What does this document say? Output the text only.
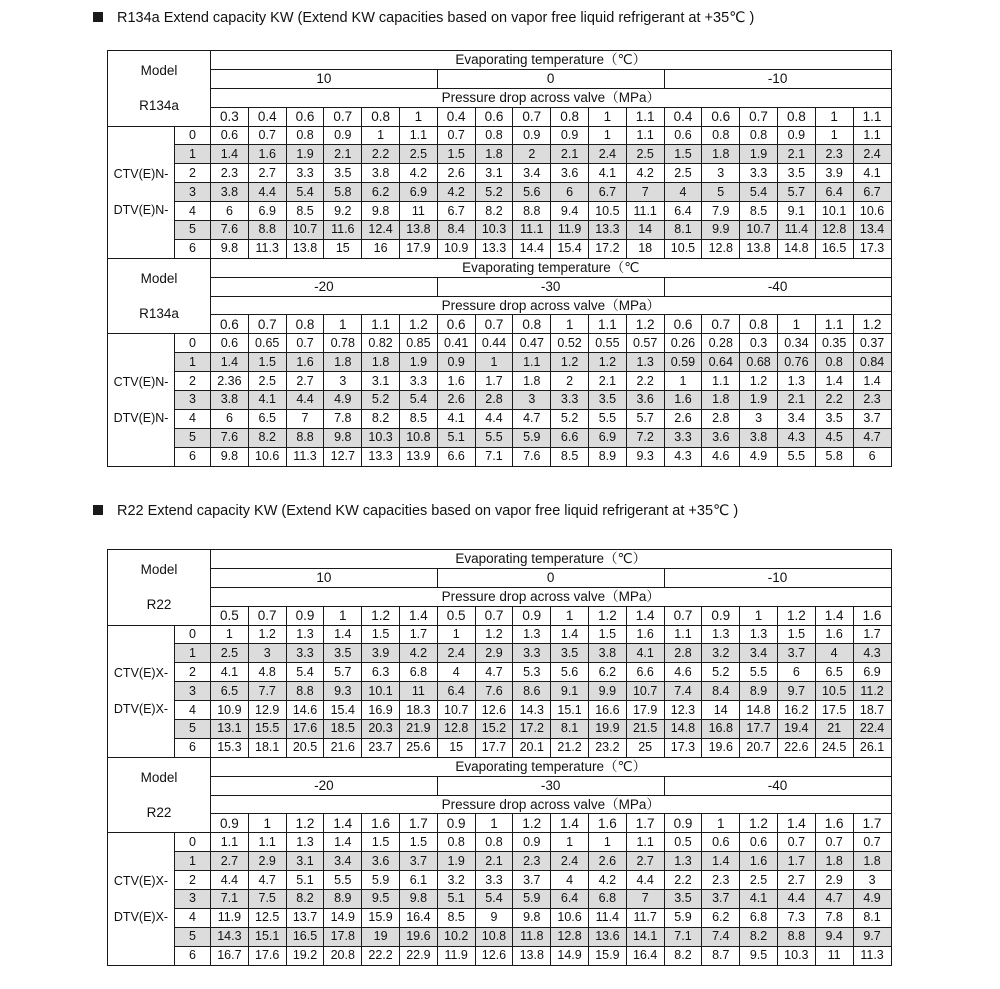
R134a Extend capacity KW (Extend KW capacities based on vapor free liquid refrigerant at +35℃ )
Model
R134a		Evaporating temperature（℃）																	
		10						0						-10					
		Pressure drop across valve（MPa）																	
		0.3	0.4	0.6	0.7	0.8	1	0.4	0.6	0.7	0.8	1	1.1	0.4	0.6	0.7	0.8	1	1.1

CTV(E)N-
DTV(E)N-	0	0.6	0.7	0.8	0.9	1	1.1	0.7	0.8	0.9	0.9	1	1.1	0.6	0.8	0.8	0.9	1	1.1
	1	1.4	1.6	1.9	2.1	2.2	2.5	1.5	1.8	2	2.1	2.4	2.5	1.5	1.8	1.9	2.1	2.3	2.4
	2	2.3	2.7	3.3	3.5	3.8	4.2	2.6	3.1	3.4	3.6	4.1	4.2	2.5	3	3.3	3.5	3.9	4.1
	3	3.8	4.4	5.4	5.8	6.2	6.9	4.2	5.2	5.6	6	6.7	7	4	5	5.4	5.7	6.4	6.7
	4	6	6.9	8.5	9.2	9.8	11	6.7	8.2	8.8	9.4	10.5	11.1	6.4	7.9	8.5	9.1	10.1	10.6
	5	7.6	8.8	10.7	11.6	12.4	13.8	8.4	10.3	11.1	11.9	13.3	14	8.1	9.9	10.7	11.4	12.8	13.4
	6	9.8	11.3	13.8	15	16	17.9	10.9	13.3	14.4	15.4	17.2	18	10.5	12.8	13.8	14.8	16.5	17.3

Model
R134a		Evaporating temperature（℃																	
		-20						-30						-40					
		Pressure drop across valve（MPa）																	
		0.6	0.7	0.8	1	1.1	1.2	0.6	0.7	0.8	1	1.1	1.2	0.6	0.7	0.8	1	1.1	1.2

CTV(E)N-
DTV(E)N-	0	0.6	0.65	0.7	0.78	0.82	0.85	0.41	0.44	0.47	0.52	0.55	0.57	0.26	0.28	0.3	0.34	0.35	0.37
	1	1.4	1.5	1.6	1.8	1.8	1.9	0.9	1	1.1	1.2	1.2	1.3	0.59	0.64	0.68	0.76	0.8	0.84
	2	2.36	2.5	2.7	3	3.1	3.3	1.6	1.7	1.8	2	2.1	2.2	1	1.1	1.2	1.3	1.4	1.4
	3	3.8	4.1	4.4	4.9	5.2	5.4	2.6	2.8	3	3.3	3.5	3.6	1.6	1.8	1.9	2.1	2.2	2.3
	4	6	6.5	7	7.8	8.2	8.5	4.1	4.4	4.7	5.2	5.5	5.7	2.6	2.8	3	3.4	3.5	3.7
	5	7.6	8.2	8.8	9.8	10.3	10.8	5.1	5.5	5.9	6.6	6.9	7.2	3.3	3.6	3.8	4.3	4.5	4.7
	6	9.8	10.6	11.3	12.7	13.3	13.9	6.6	7.1	7.6	8.5	8.9	9.3	4.3	4.6	4.9	5.5	5.8	6
R22 Extend capacity KW (Extend KW capacities based on vapor free liquid refrigerant at +35℃ )
Model
R22		Evaporating temperature（℃）																	
		10						0						-10					
		Pressure drop across valve（MPa）																	
		0.5	0.7	0.9	1	1.2	1.4	0.5	0.7	0.9	1	1.2	1.4	0.7	0.9	1	1.2	1.4	1.6

CTV(E)X-
DTV(E)X-	0	1	1.2	1.3	1.4	1.5	1.7	1	1.2	1.3	1.4	1.5	1.6	1.1	1.3	1.3	1.5	1.6	1.7
	1	2.5	3	3.3	3.5	3.9	4.2	2.4	2.9	3.3	3.5	3.8	4.1	2.8	3.2	3.4	3.7	4	4.3
	2	4.1	4.8	5.4	5.7	6.3	6.8	4	4.7	5.3	5.6	6.2	6.6	4.6	5.2	5.5	6	6.5	6.9
	3	6.5	7.7	8.8	9.3	10.1	11	6.4	7.6	8.6	9.1	9.9	10.7	7.4	8.4	8.9	9.7	10.5	11.2
	4	10.9	12.9	14.6	15.4	16.9	18.3	10.7	12.6	14.3	15.1	16.6	17.9	12.3	14	14.8	16.2	17.5	18.7
	5	13.1	15.5	17.6	18.5	20.3	21.9	12.8	15.2	17.2	8.1	19.9	21.5	14.8	16.8	17.7	19.4	21	22.4
	6	15.3	18.1	20.5	21.6	23.7	25.6	15	17.7	20.1	21.2	23.2	25	17.3	19.6	20.7	22.6	24.5	26.1

Model
R22		Evaporating temperature（℃）																	
		-20						-30						-40					
		Pressure drop across valve（MPa）																	
		0.9	1	1.2	1.4	1.6	1.7	0.9	1	1.2	1.4	1.6	1.7	0.9	1	1.2	1.4	1.6	1.7

CTV(E)X-
DTV(E)X-	0	1.1	1.1	1.3	1.4	1.5	1.5	0.8	0.8	0.9	1	1	1.1	0.5	0.6	0.6	0.7	0.7	0.7
	1	2.7	2.9	3.1	3.4	3.6	3.7	1.9	2.1	2.3	2.4	2.6	2.7	1.3	1.4	1.6	1.7	1.8	1.8
	2	4.4	4.7	5.1	5.5	5.9	6.1	3.2	3.3	3.7	4	4.2	4.4	2.2	2.3	2.5	2.7	2.9	3
	3	7.1	7.5	8.2	8.9	9.5	9.8	5.1	5.4	5.9	6.4	6.8	7	3.5	3.7	4.1	4.4	4.7	4.9
	4	11.9	12.5	13.7	14.9	15.9	16.4	8.5	9	9.8	10.6	11.4	11.7	5.9	6.2	6.8	7.3	7.8	8.1
	5	14.3	15.1	16.5	17.8	19	19.6	10.2	10.8	11.8	12.8	13.6	14.1	7.1	7.4	8.2	8.8	9.4	9.7
	6	16.7	17.6	19.2	20.8	22.2	22.9	11.9	12.6	13.8	14.9	15.9	16.4	8.2	8.7	9.5	10.3	11	11.3
